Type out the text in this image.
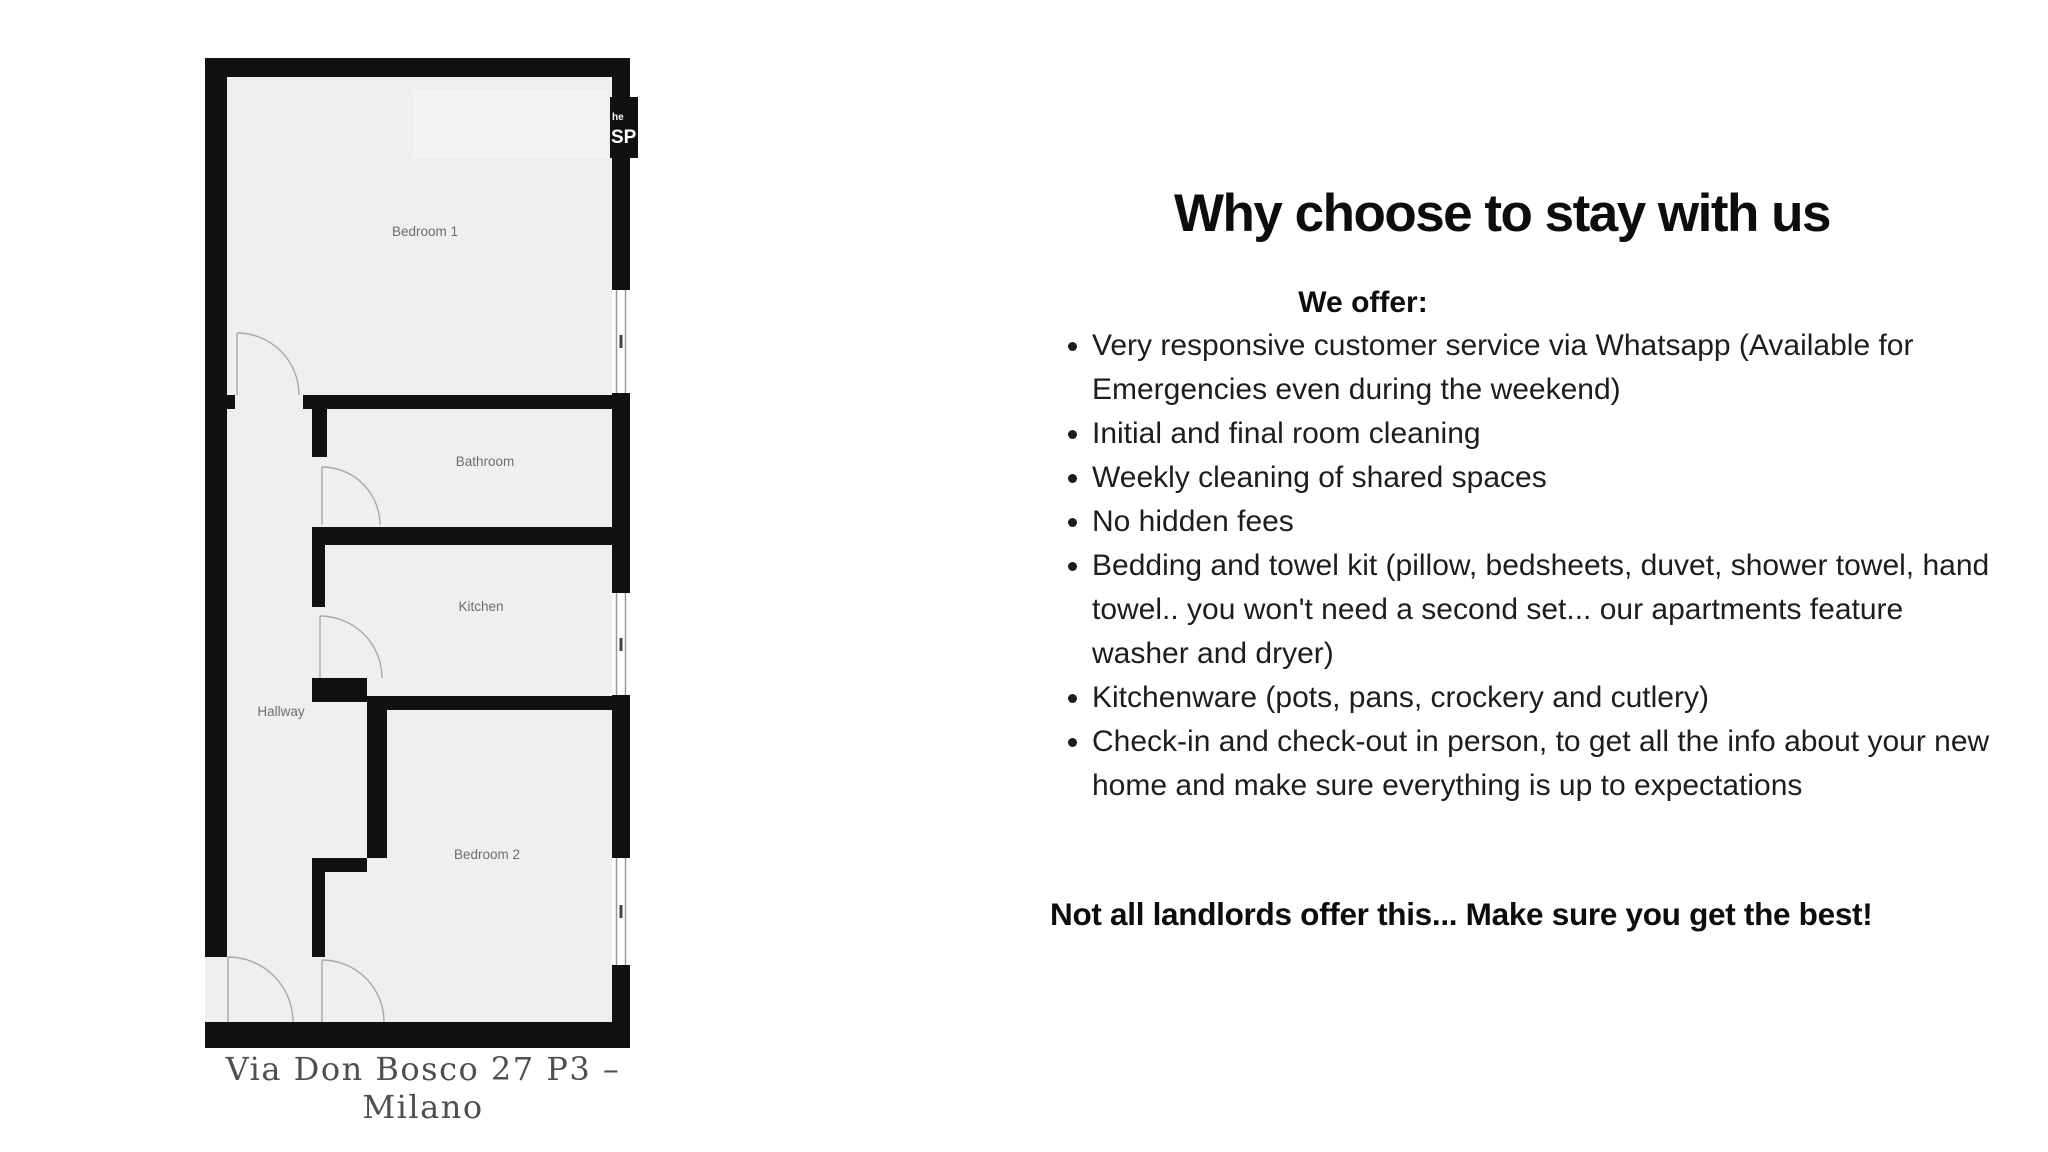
he
SP
Bedroom 1
Bathroom
Kitchen
Hallway
Bedroom 2
Via Don Bosco 27 P3 – Milano
Why choose to stay with us
We offer:
• Very responsive customer service via Whatsapp (Available for Emergencies even during the weekend)
• Initial and final room cleaning
• Weekly cleaning of shared spaces
• No hidden fees
• Bedding and towel kit (pillow, bedsheets, duvet, shower towel, hand towel.. you won't need a second set... our apartments feature washer and dryer)
• Kitchenware (pots, pans, crockery and cutlery)
• Check-in and check-out in person, to get all the info about your new home and make sure everything is up to expectations
Not all landlords offer this... Make sure you get the best!
